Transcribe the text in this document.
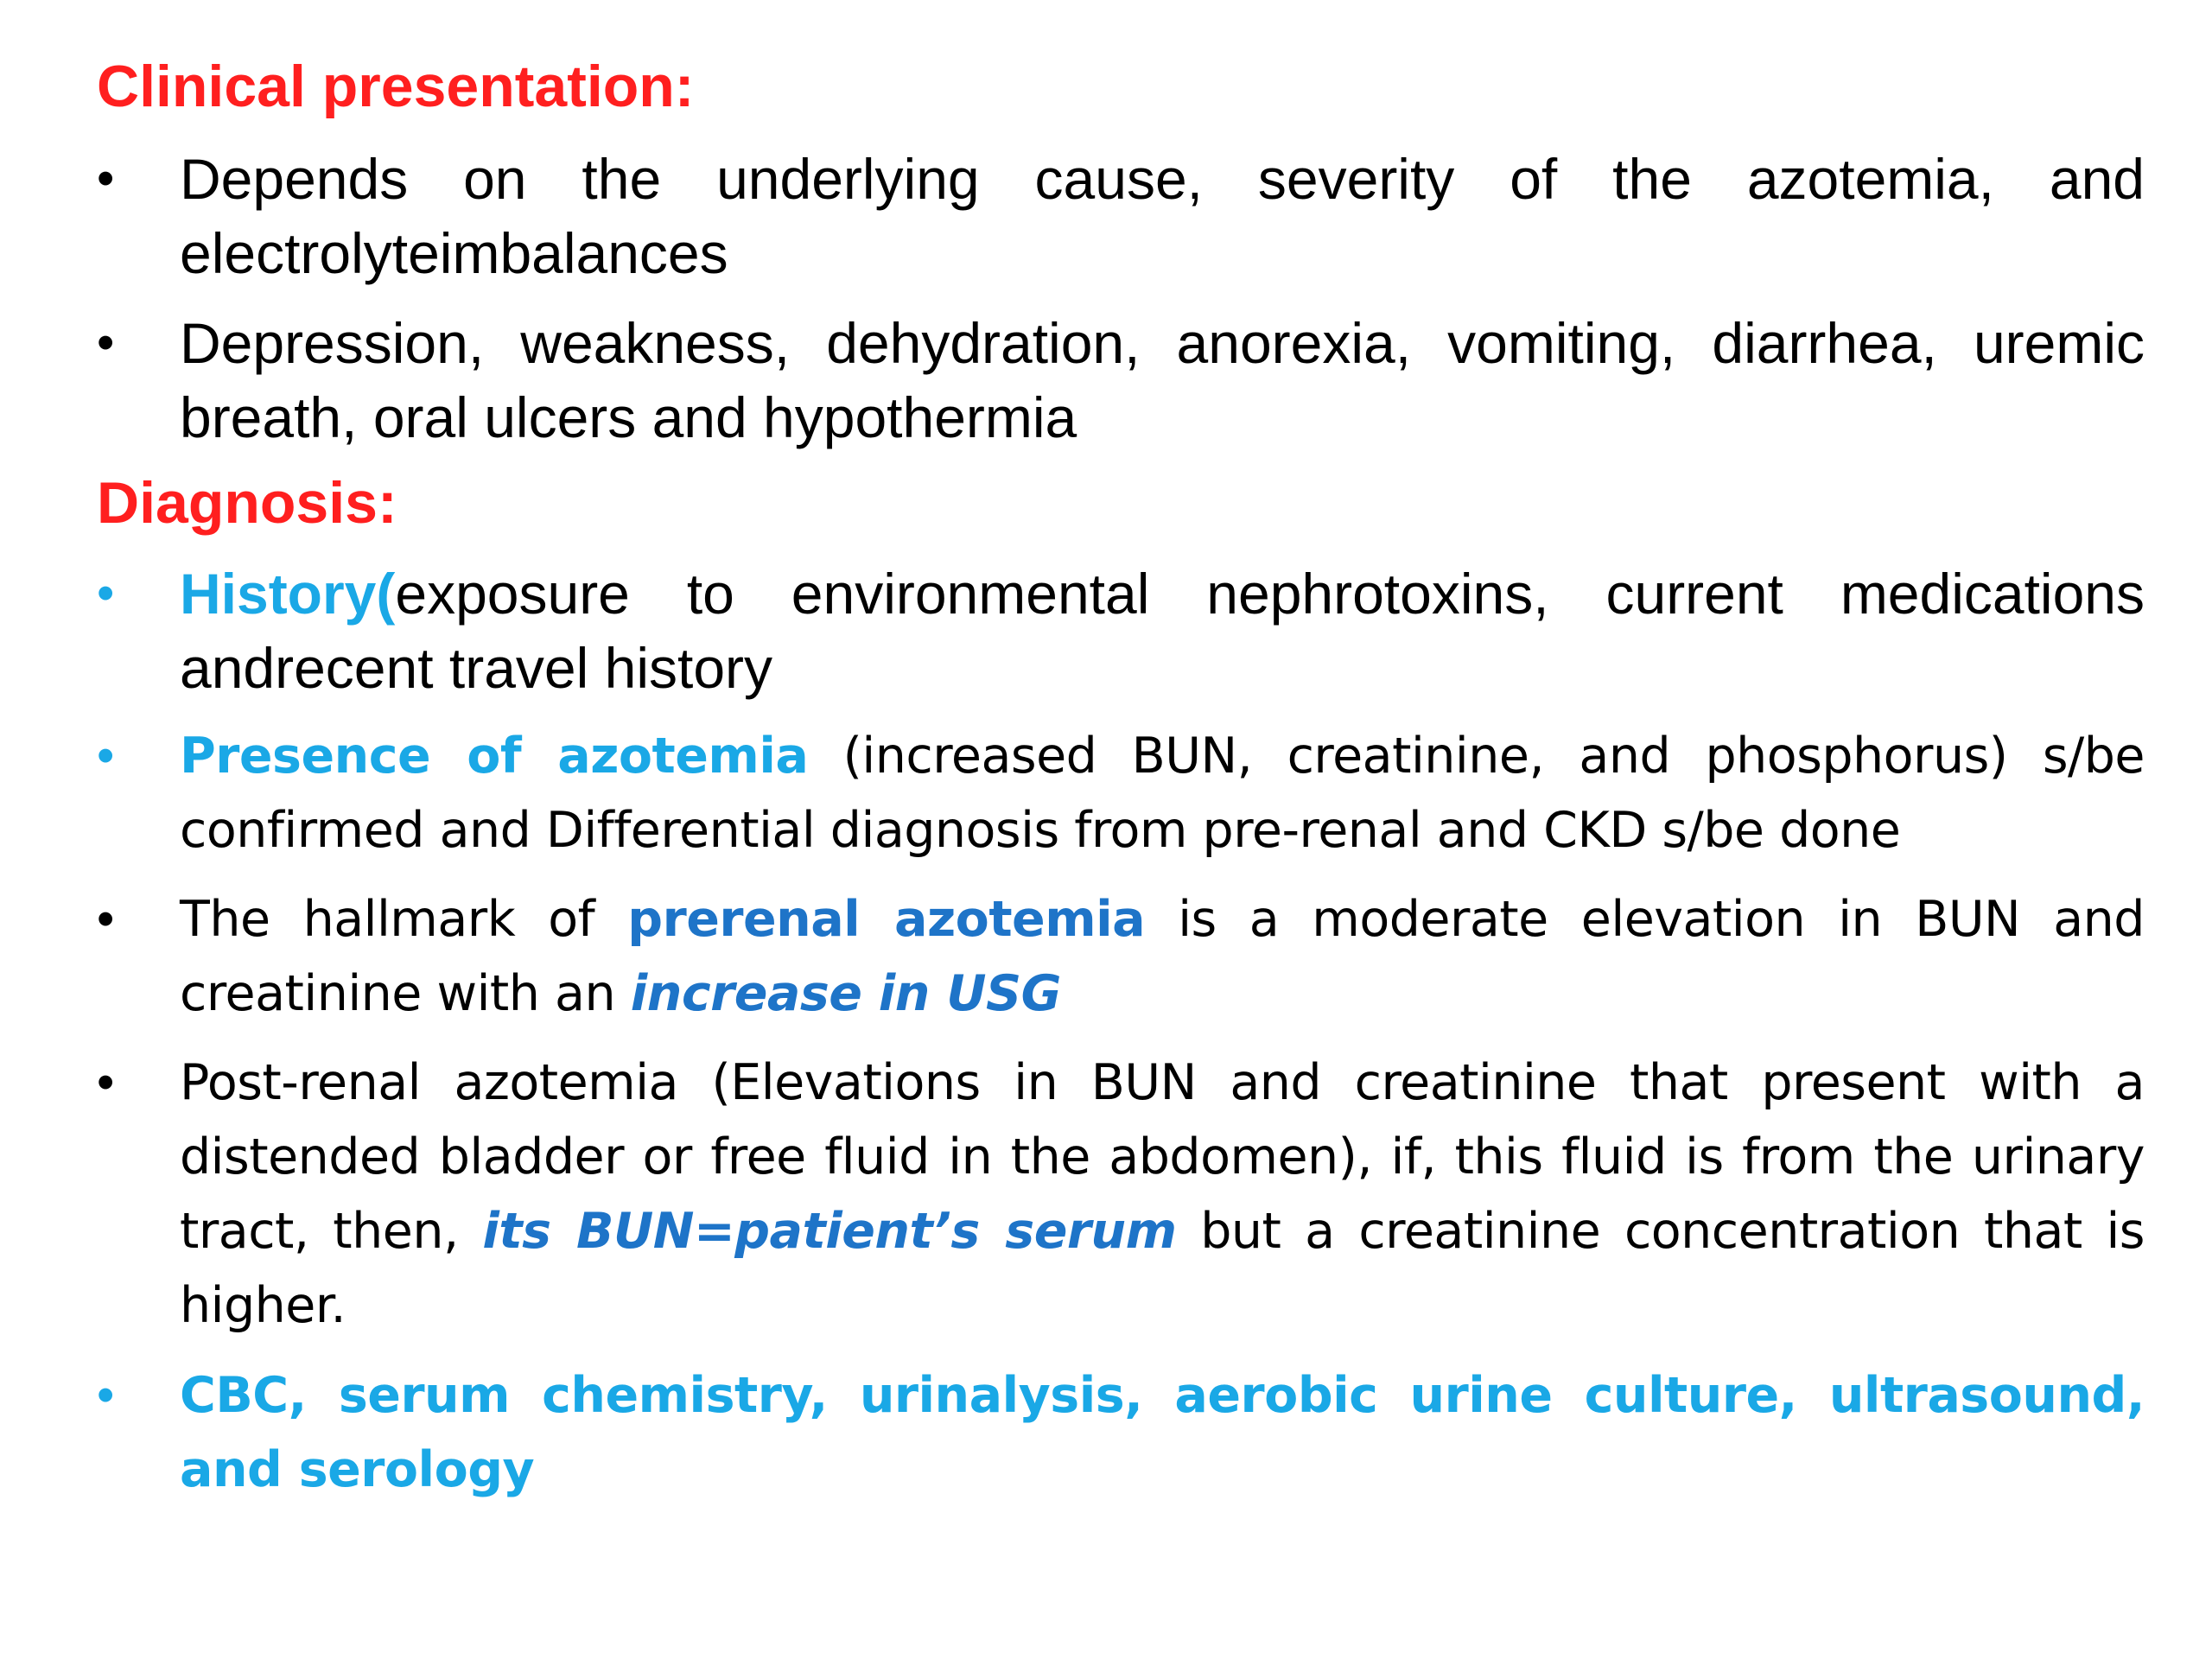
Clinical presentation:
•	Depends on the underlying cause, severity of the azotemia, and electrolyteimbalances
•	Depression, weakness, dehydration, anorexia, vomiting, diarrhea, uremic breath, oral ulcers and hypothermia
Diagnosis:
•	History(exposure to environmental nephrotoxins, current medications andrecent travel history
•	Presence of azotemia (increased BUN, creatinine, and phosphorus) s/be confirmed and Differential diagnosis from pre-renal and CKD s/be done
•	The hallmark of prerenal azotemia is a moderate elevation in BUN and creatinine with an increase in USG
•	Post-renal azotemia (Elevations in BUN and creatinine that present with a distended bladder or free fluid in the abdomen), if, this fluid is from the urinary tract, then, its BUN=patient’s serum but a creatinine concentration that is higher.
•	CBC, serum chemistry, urinalysis, aerobic urine culture, ultrasound, and serology
